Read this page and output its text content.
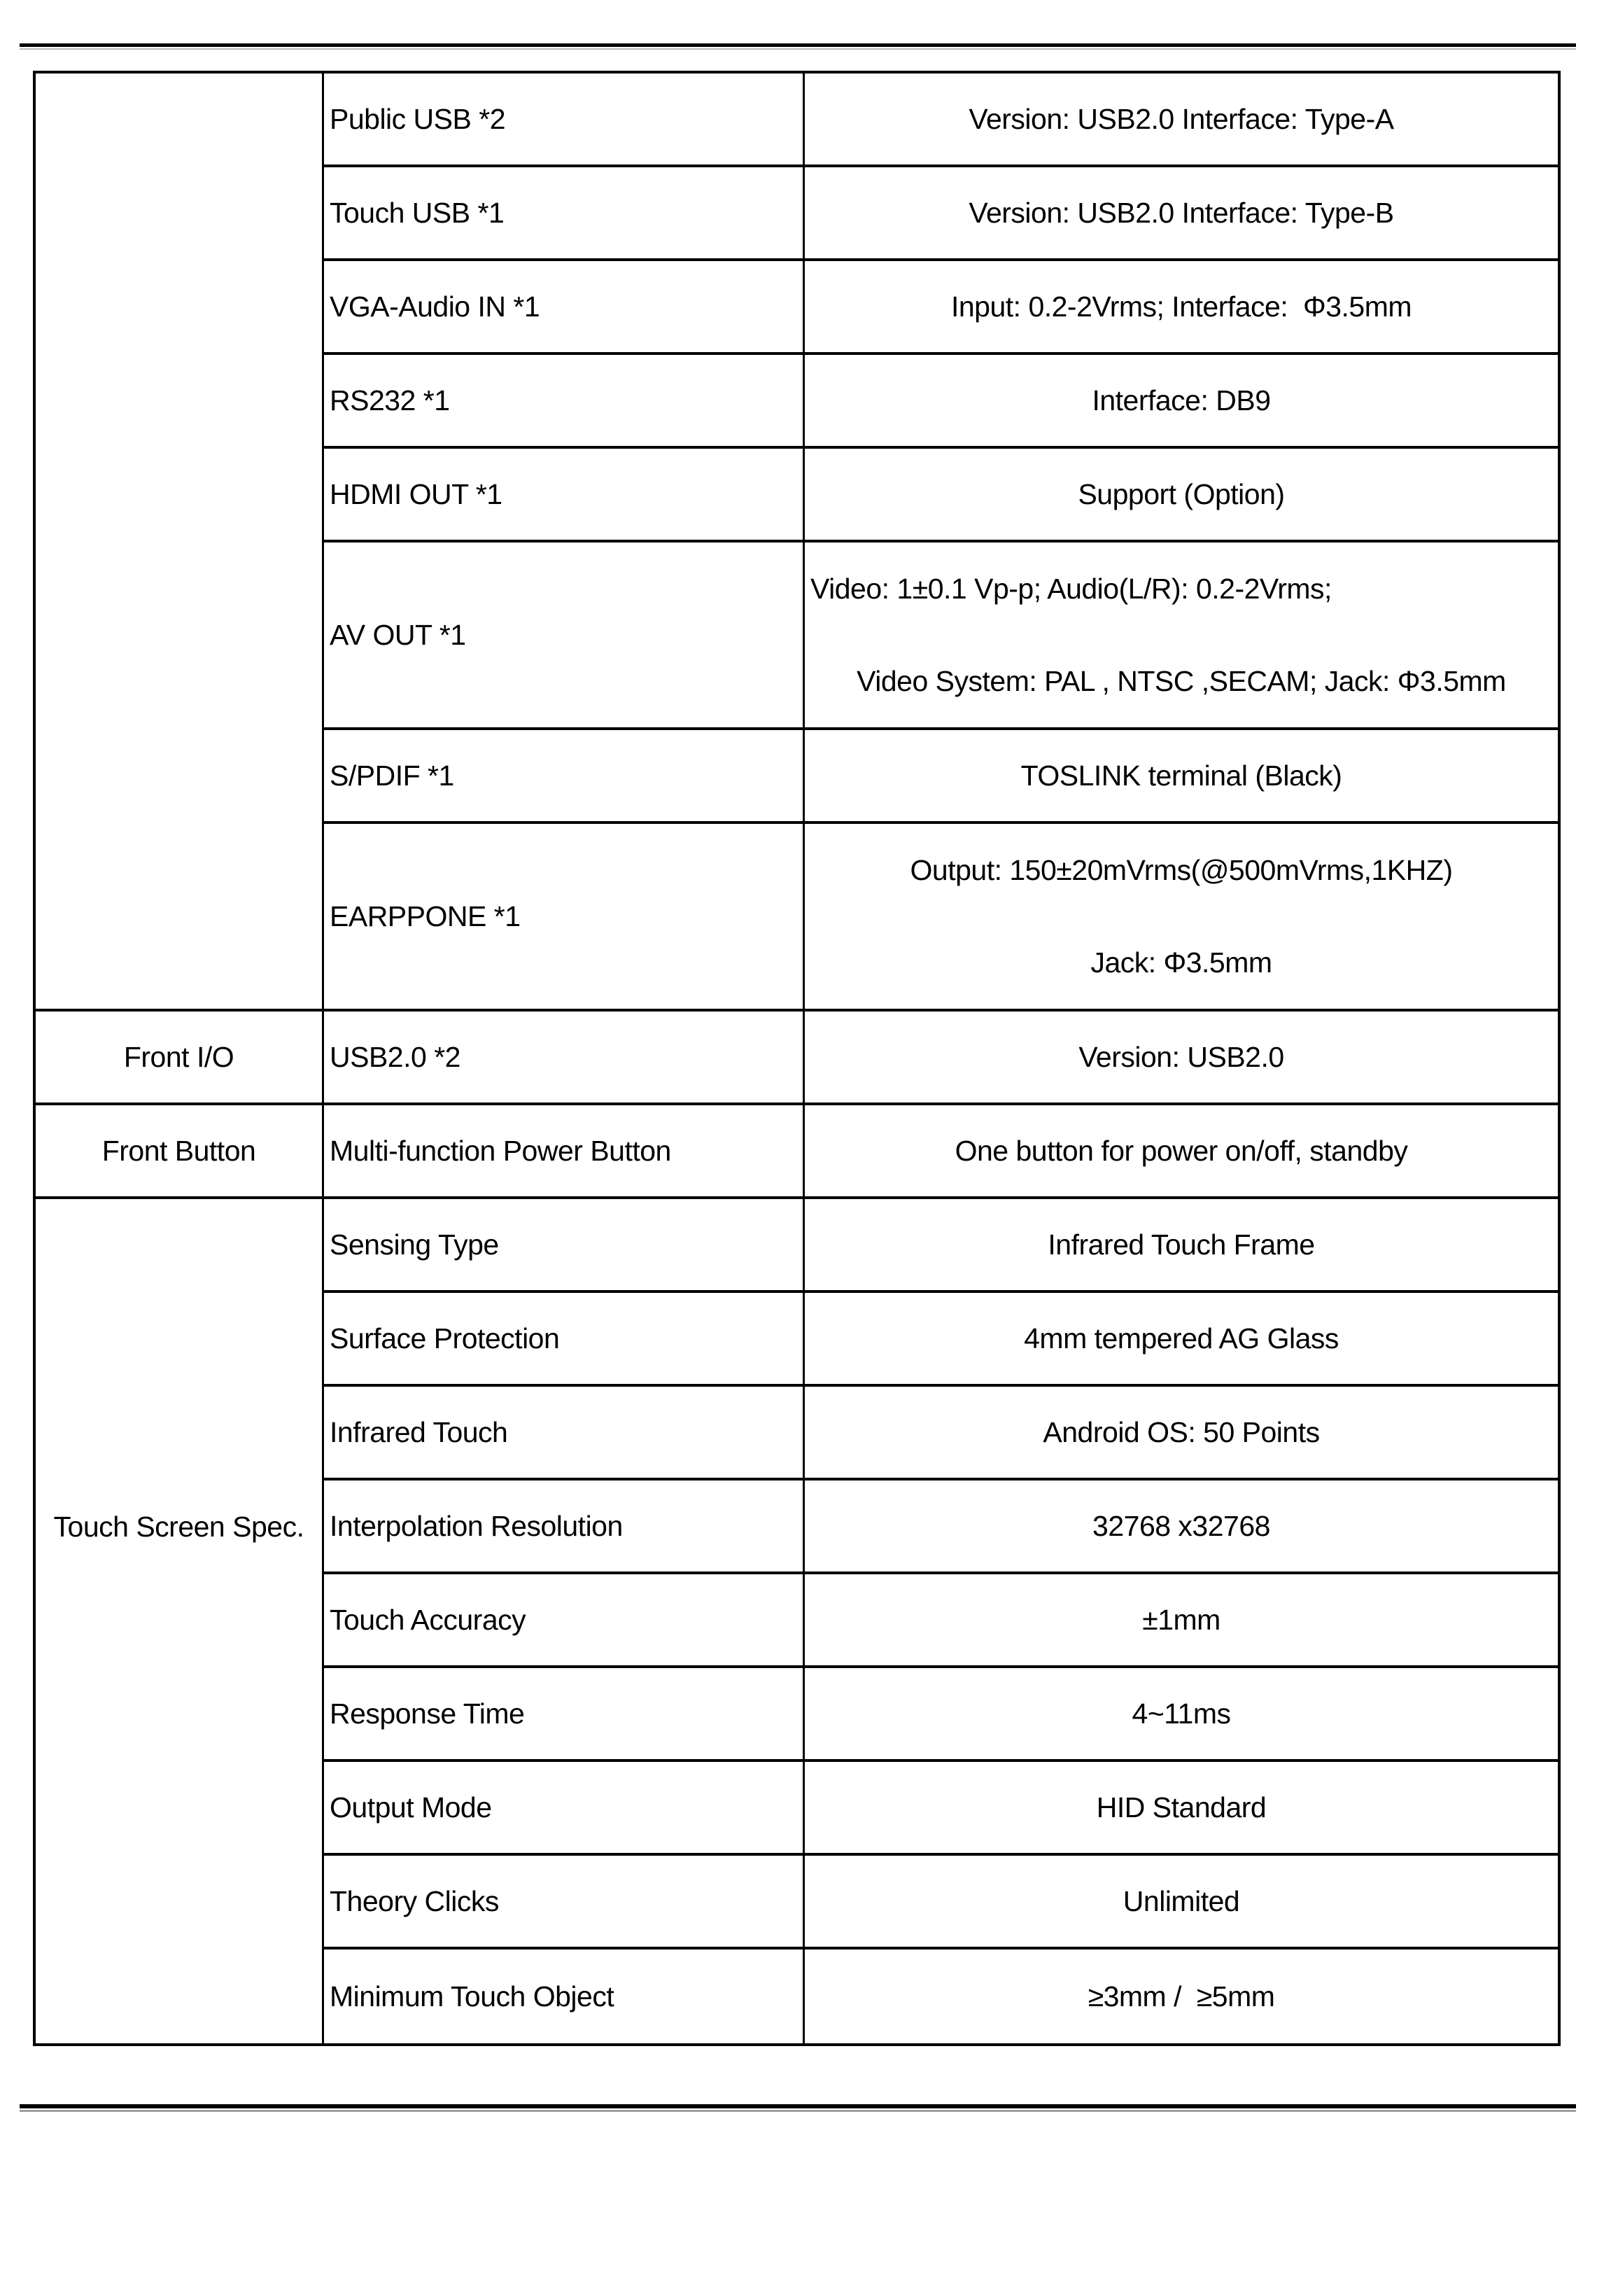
Front I/O
Front Button
Touch Screen Spec.
Public USB *2
Touch USB *1
VGA-Audio IN *1
RS232 *1
HDMI OUT *1
AV OUT *1
S/PDIF *1
EARPPONE *1
USB2.0 *2
Multi-function Power Button
Sensing Type
Surface Protection
Infrared Touch
Interpolation Resolution
Touch Accuracy
Response Time
Output Mode
Theory Clicks
Minimum Touch Object
Version: USB2.0 Interface: Type-A
Version: USB2.0 Interface: Type-B
Input: 0.2-2Vrms; Interface:  Φ3.5mm
Interface: DB9
Support (Option)
Video: 1±0.1 Vp-p; Audio(L/R): 0.2-2Vrms;
Video System: PAL , NTSC ,SECAM; Jack: Φ3.5mm
TOSLINK terminal (Black)
Output: 150±20mVrms(@500mVrms,1KHZ)
Jack: Φ3.5mm
Version: USB2.0
One button for power on/off, standby
Infrared Touch Frame
4mm tempered AG Glass
Android OS: 50 Points
32768 x32768
±1mm
4~11ms
HID Standard
Unlimited
≥3mm /  ≥5mm
